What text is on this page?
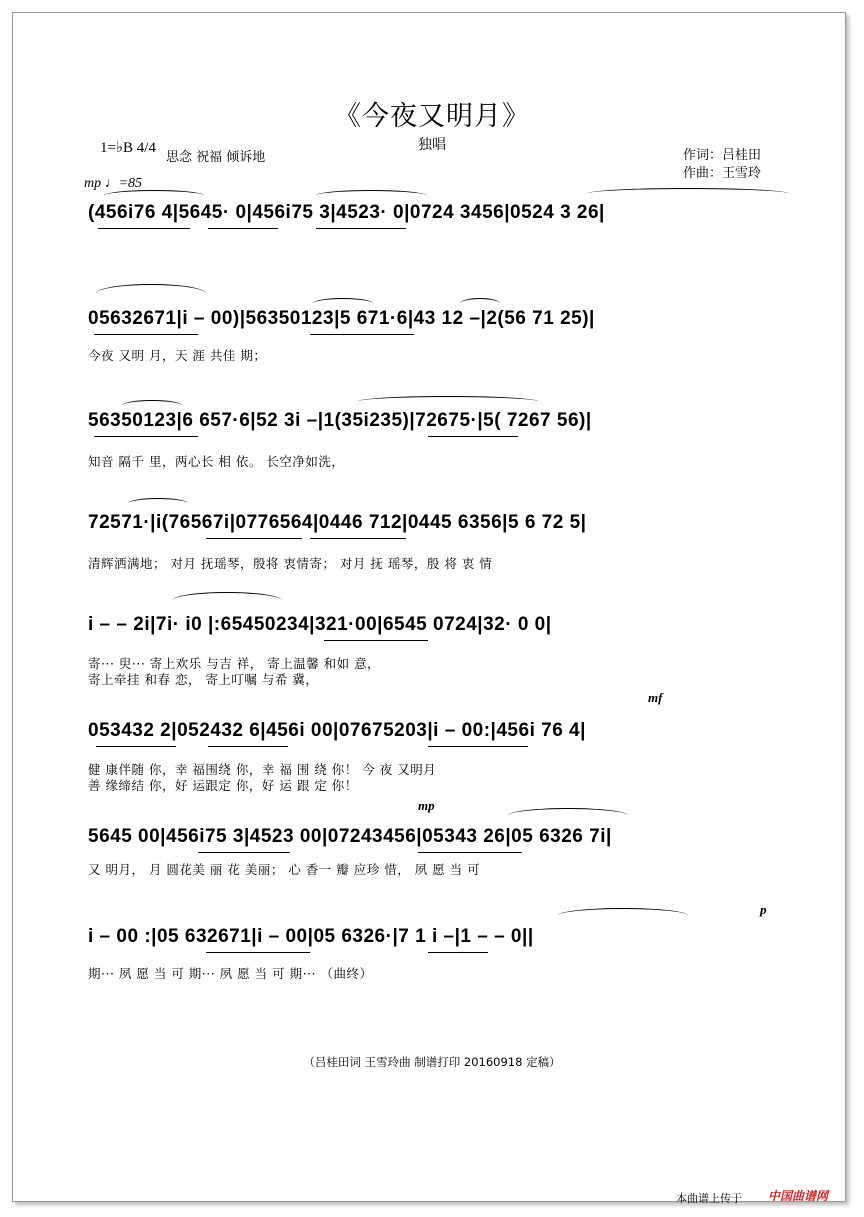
《今夜又明月》
独唱
1=♭B 4/4
思念 祝福 倾诉地
mp ♩=85
作词：吕桂田
作曲：王雪玲
(456i76 4|5645· 0|456i75 3|4523· 0|0724 3456|0524 3 26|
05632671|i – 00)|56350123|5 671·6|43 12 –|2(56 71 25)|
今夜 又明 月，天 涯 共佳 期；
56350123|6 657·6|52 3i –|1(35i235)|72675·|5( 7267 56)|
知音 隔千 里，两心长 相 依。 长空净如洗，
72571·|i(76567i|0776564|0446 712|0445 6356|5 6 72 5|
清辉洒满地； 对月 抚瑶琴，殷将 衷情寄； 对月 抚 瑶琴，殷 将 衷 情
i – – 2i|7i· i0 |:65450234|321·00|6545 0724|32· 0 0|
寄··· 臾··· 寄上欢乐 与吉 祥， 寄上温馨 和如 意，
寄上牵挂 和春 恋， 寄上叮嘱 与希 冀，
mf
053432 2|052432 6|456i 00|07675203|i – 00:|456i 76 4|
健 康伴随 你，幸 福围绕 你，幸 福 围 绕 你！ 今 夜 又明月
善 缘缔结 你，好 运跟定 你，好 运 跟 定 你！
mp
5645 00|456i75 3|4523 00|07243456|05343 26|05 6326 7i|
又 明月， 月 圆花美 丽 花 美丽； 心 香一 瓣 应珍 惜， 夙 愿 当 可
p
i – 00 :|05 632671|i – 00|05 6326·|7 1 i –|1 – – 0||
期··· 夙 愿 当 可 期··· 夙 愿 当 可 期··· （曲终）
（吕桂田词 王雪玲曲 制谱打印 20160918 定稿）
本曲谱上传于 中国曲谱网
